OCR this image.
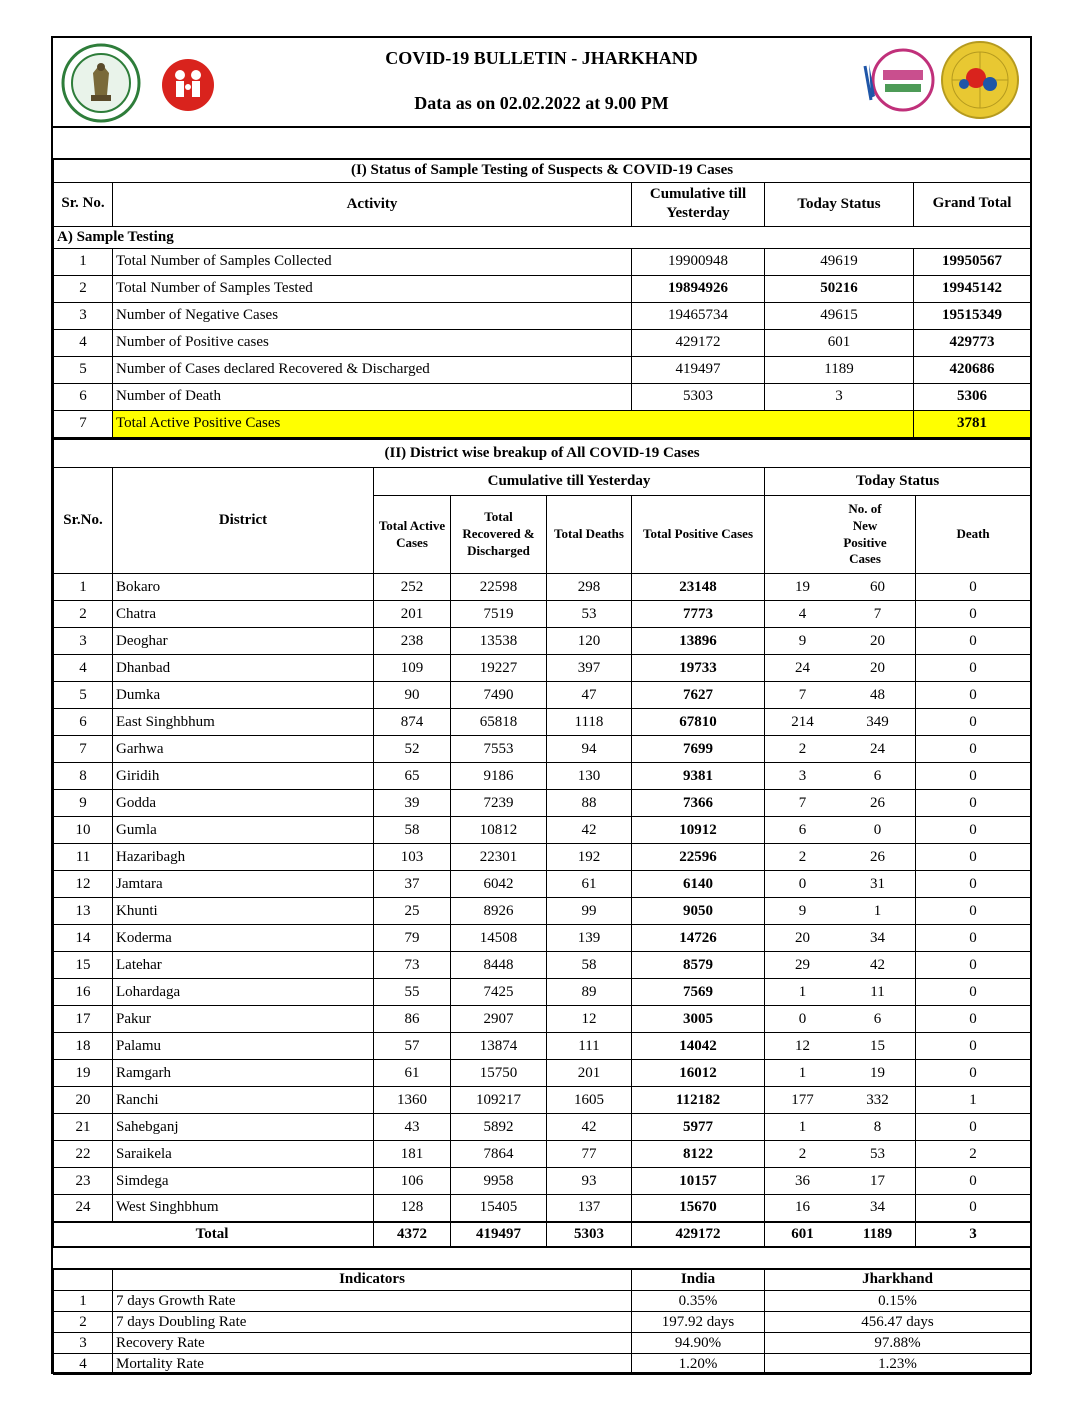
COVID-19 BULLETIN - JHARKHAND
Data as on 02.02.2022 at 9.00 PM
(I) Status of Sample Testing of Suspects & COVID-19 Cases				
Sr. No.	Activity	Cumulative till Yesterday	Today Status	Grand Total
A) Sample Testing				
1	Total Number of Samples Collected	19900948	49619	19950567
2	Total Number of Samples Tested	19894926	50216	19945142
3	Number of Negative Cases	19465734	49615	19515349
4	Number of Positive cases	429172	601	429773
5	Number of Cases declared Recovered & Discharged	419497	1189	420686
6	Number of Death	5303	3	5306
7	Total Active Positive Cases			3781
(II) District wise breakup of All COVID-19 Cases							
Sr.No.	District	Cumulative till Yesterday				Today Status	
		Total Active Cases	Total Recovered & Discharged	Total Deaths	Total Positive Cases	No. of New Positive Cases	Death
1	Bokaro	252	22598	298	23148	19 60	0
2	Chatra	201	7519	53	7773	4 7	0
3	Deoghar	238	13538	120	13896	9 20	0
4	Dhanbad	109	19227	397	19733	24 20	0
5	Dumka	90	7490	47	7627	7 48	0
6	East Singhbhum	874	65818	1118	67810	214 349	0
7	Garhwa	52	7553	94	7699	2 24	0
8	Giridih	65	9186	130	9381	3 6	0
9	Godda	39	7239	88	7366	7 26	0
10	Gumla	58	10812	42	10912	6 0	0
11	Hazaribagh	103	22301	192	22596	2 26	0
12	Jamtara	37	6042	61	6140	0 31	0
13	Khunti	25	8926	99	9050	9 1	0
14	Koderma	79	14508	139	14726	20 34	0
15	Latehar	73	8448	58	8579	29 42	0
16	Lohardaga	55	7425	89	7569	1 11	0
17	Pakur	86	2907	12	3005	0 6	0
18	Palamu	57	13874	111	14042	12 15	0
19	Ramgarh	61	15750	201	16012	1 19	0
20	Ranchi	1360	109217	1605	112182	177 332	1
21	Sahebganj	43	5892	42	5977	1 8	0
22	Saraikela	181	7864	77	8122	2 53	2
23	Simdega	106	9958	93	10157	36 17	0
24	West Singhbhum	128	15405	137	15670	16 34	0
Total		4372	419497	5303	429172	601 1189	3
	Indicators	India	Jharkhand
1	7 days Growth Rate	0.35%	0.15%
2	7 days Doubling Rate	197.92 days	456.47 days
3	Recovery Rate	94.90%	97.88%
4	Mortality Rate	1.20%	1.23%
